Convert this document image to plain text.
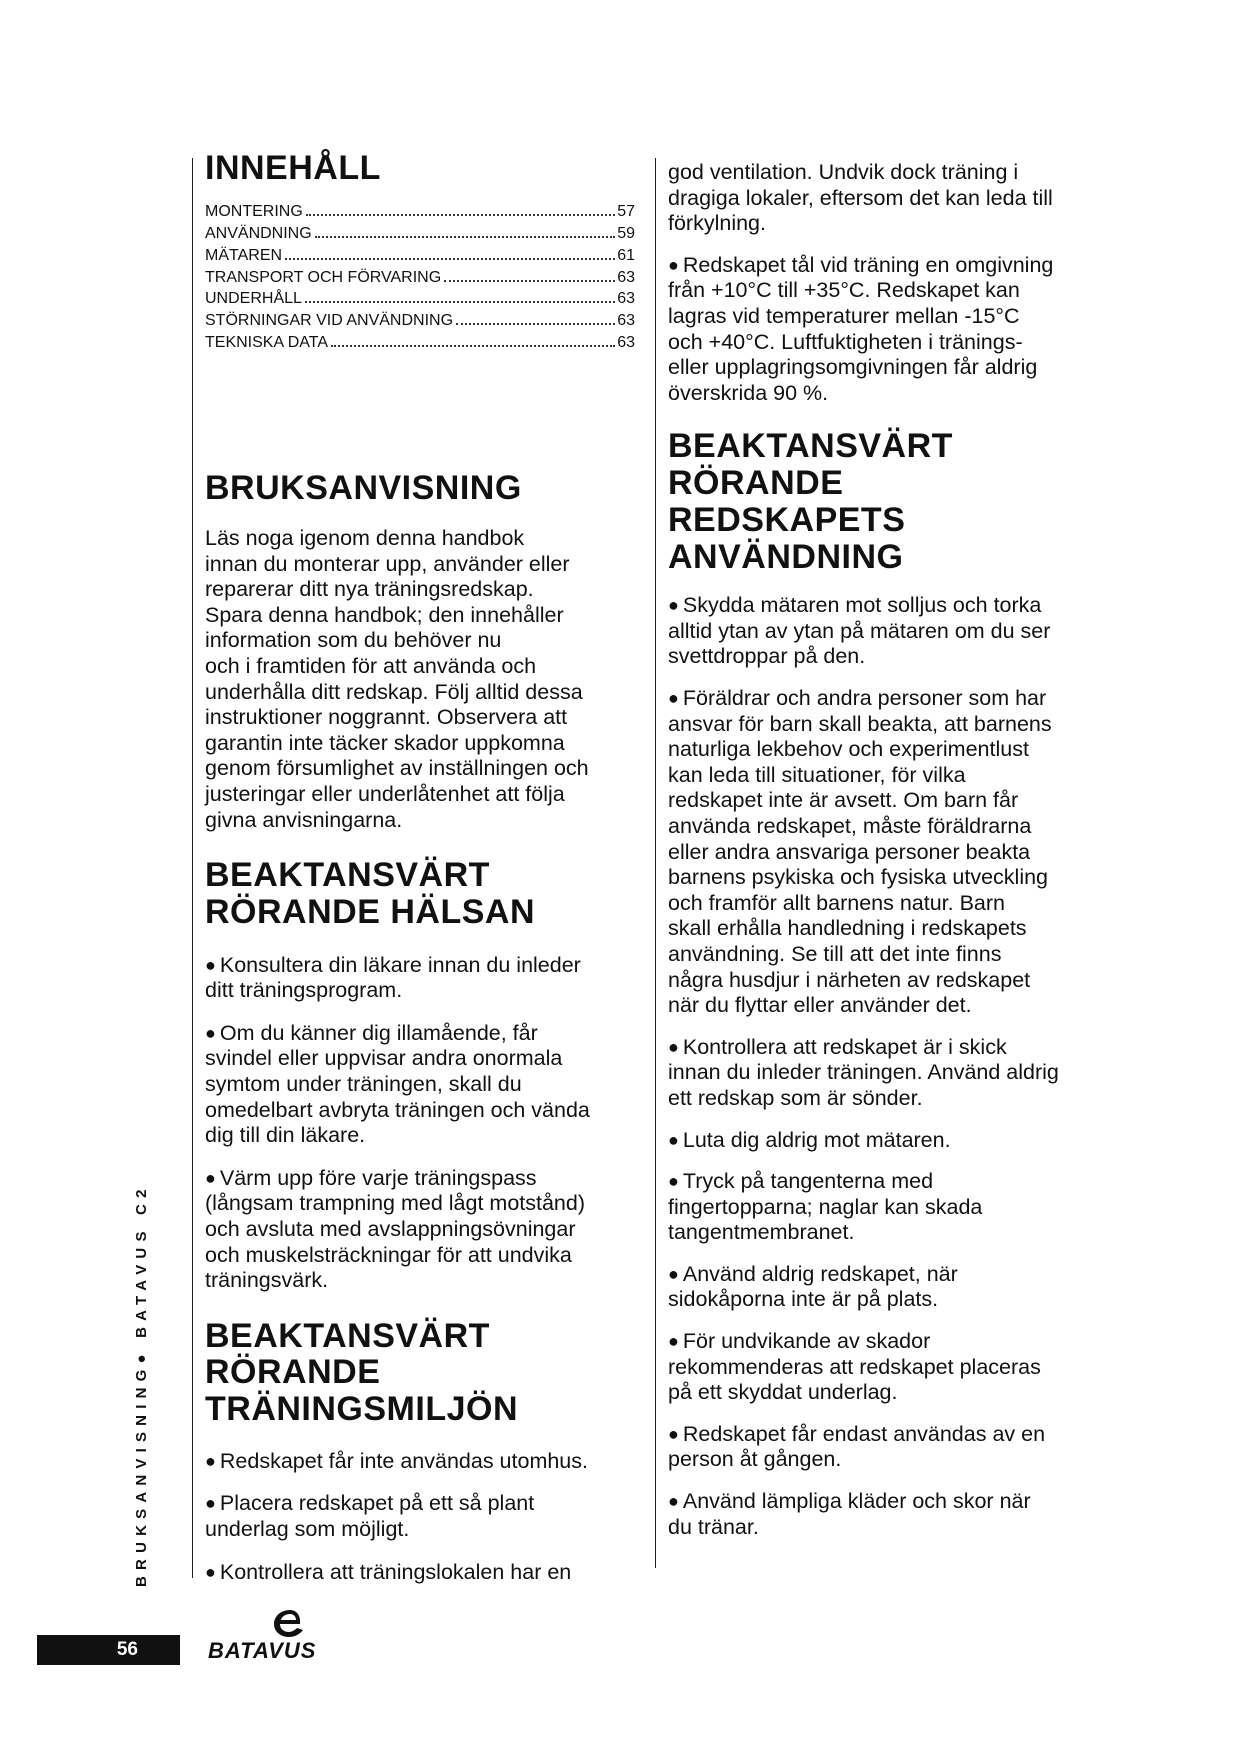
INNEHÅLL
MONTERING	57
ANVÄNDNING	59
MÄTAREN	61
TRANSPORT OCH FÖRVARING	63
UNDERHÅLL	63
STÖRNINGAR VID ANVÄNDNING	63
TEKNISKA DATA	63
BRUKSANVISNING
Läs noga igenom denna handbok
innan du monterar upp, använder eller
reparerar ditt nya träningsredskap.
Spara denna handbok; den innehåller
information som du behöver nu
och i framtiden för att använda och
underhålla ditt redskap. Följ alltid dessa
instruktioner noggrannt. Observera att
garantin inte täcker skador uppkomna
genom försumlighet av inställningen och
justeringar eller underlåtenhet att följa
givna anvisningarna.
BEAKTANSVÄRT
RÖRANDE HÄLSAN
● Konsultera din läkare innan du inleder
ditt träningsprogram.
● Om du känner dig illamående, får
svindel eller uppvisar andra onormala
symtom under träningen, skall du
omedelbart avbryta träningen och vända
dig till din läkare.
● Värm upp före varje träningspass
(långsam trampning med lågt motstånd)
och avsluta med avslappningsövningar
och muskelsträckningar för att undvika
träningsvärk.
BEAKTANSVÄRT
RÖRANDE
TRÄNINGSMILJÖN
● Redskapet får inte användas utomhus.
● Placera redskapet på ett så plant
underlag som möjligt.
● Kontrollera att träningslokalen har en
god ventilation. Undvik dock träning i
dragiga lokaler, eftersom det kan leda till
förkylning.
● Redskapet tål vid träning en omgivning
från +10°C till +35°C. Redskapet kan
lagras vid temperaturer mellan -15°C
och +40°C. Luftfuktigheten i tränings-
eller upplagringsomgivningen får aldrig
överskrida 90 %.
BEAKTANSVÄRT
RÖRANDE
REDSKAPETS
ANVÄNDNING
● Skydda mätaren mot solljus och torka
alltid ytan av ytan på mätaren om du ser
svettdroppar på den.
● Föräldrar och andra personer som har
ansvar för barn skall beakta, att barnens
naturliga lekbehov och experimentlust
kan leda till situationer, för vilka
redskapet inte är avsett. Om barn får
använda redskapet, måste föräldrarna
eller andra ansvariga personer beakta
barnens psykiska och fysiska utveckling
och framför allt barnens natur. Barn
skall erhålla handledning i redskapets
användning. Se till att det inte finns
några husdjur i närheten av redskapet
när du flyttar eller använder det.
● Kontrollera att redskapet är i skick
innan du inleder träningen. Använd aldrig
ett redskap som är sönder.
● Luta dig aldrig mot mätaren.
● Tryck på tangenterna med
fingertopparna; naglar kan skada
tangentmembranet.
● Använd aldrig redskapet, när
sidokåporna inte är på plats.
● För undvikande av skador
rekommenderas att redskapet placeras
på ett skyddat underlag.
● Redskapet får endast användas av en
person åt gången.
● Använd lämpliga kläder och skor när
du tränar.
BRUKSANVISNING● BATAVUS C2
56	BATAVUS
